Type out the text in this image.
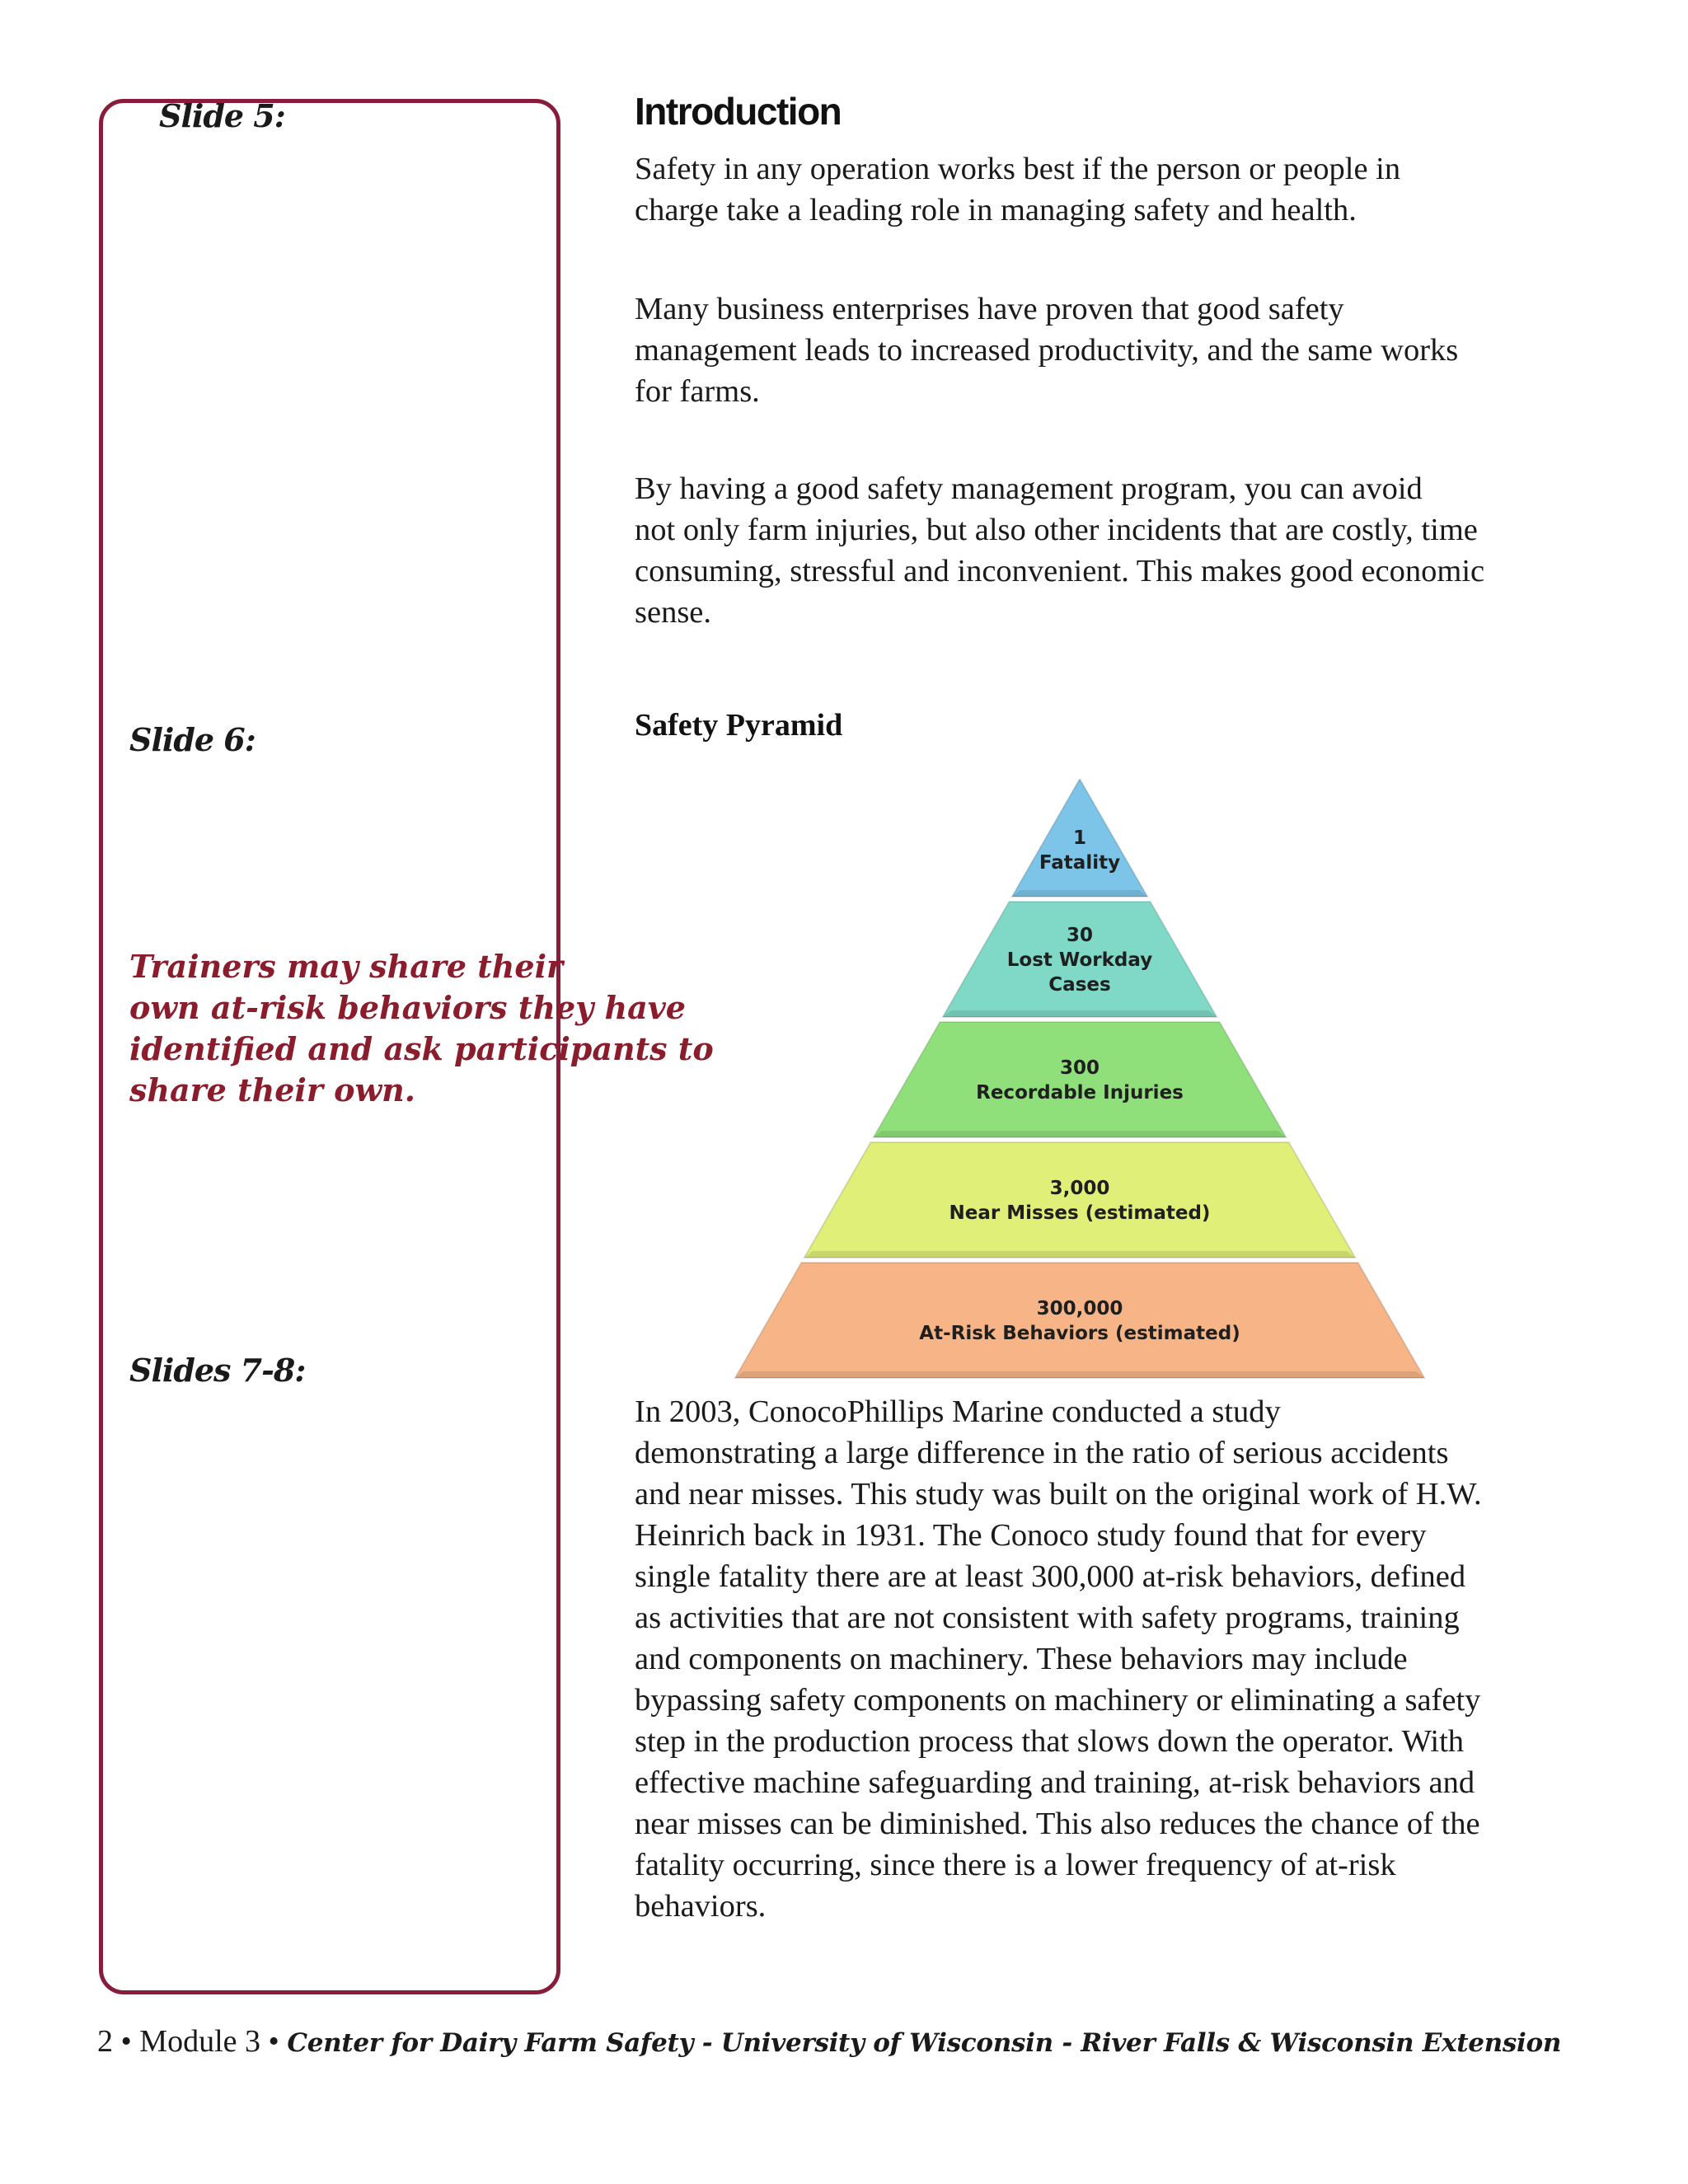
Slide 5:
Slide 6:

Trainers may share their
own at-risk behaviors they have
identified and ask participants to
share their own.

Slides 7-8:
Introduction

Safety in any operation works best if the person or people in
charge take a leading role in managing safety and health.

Many business enterprises have proven that good safety
management leads to increased productivity, and the same works
for farms.

By having a good safety management program, you can avoid
not only farm injuries, but also other incidents that are costly, time
consuming, stressful and inconvenient. This makes good economic
sense.

Safety Pyramid
1
Fatality
30
Lost Workday
Cases
300
Recordable Injuries
3,000
Near Misses (estimated)
300,000
At-Risk Behaviors (estimated)

In 2003, ConocoPhillips Marine conducted a study
demonstrating a large difference in the ratio of serious accidents
and near misses. This study was built on the original work of H.W.
Heinrich back in 1931. The Conoco study found that for every
single fatality there are at least 300,000 at-risk behaviors, defined
as activities that are not consistent with safety programs, training
and components on machinery. These behaviors may include
bypassing safety components on machinery or eliminating a safety
step in the production process that slows down the operator. With
effective machine safeguarding and training, at-risk behaviors and
near misses can be diminished. This also reduces the chance of the
fatality occurring, since there is a lower frequency of at-risk
behaviors.

2 • Module 3 • Center for Dairy Farm Safety - University of Wisconsin - River Falls & Wisconsin Extension
